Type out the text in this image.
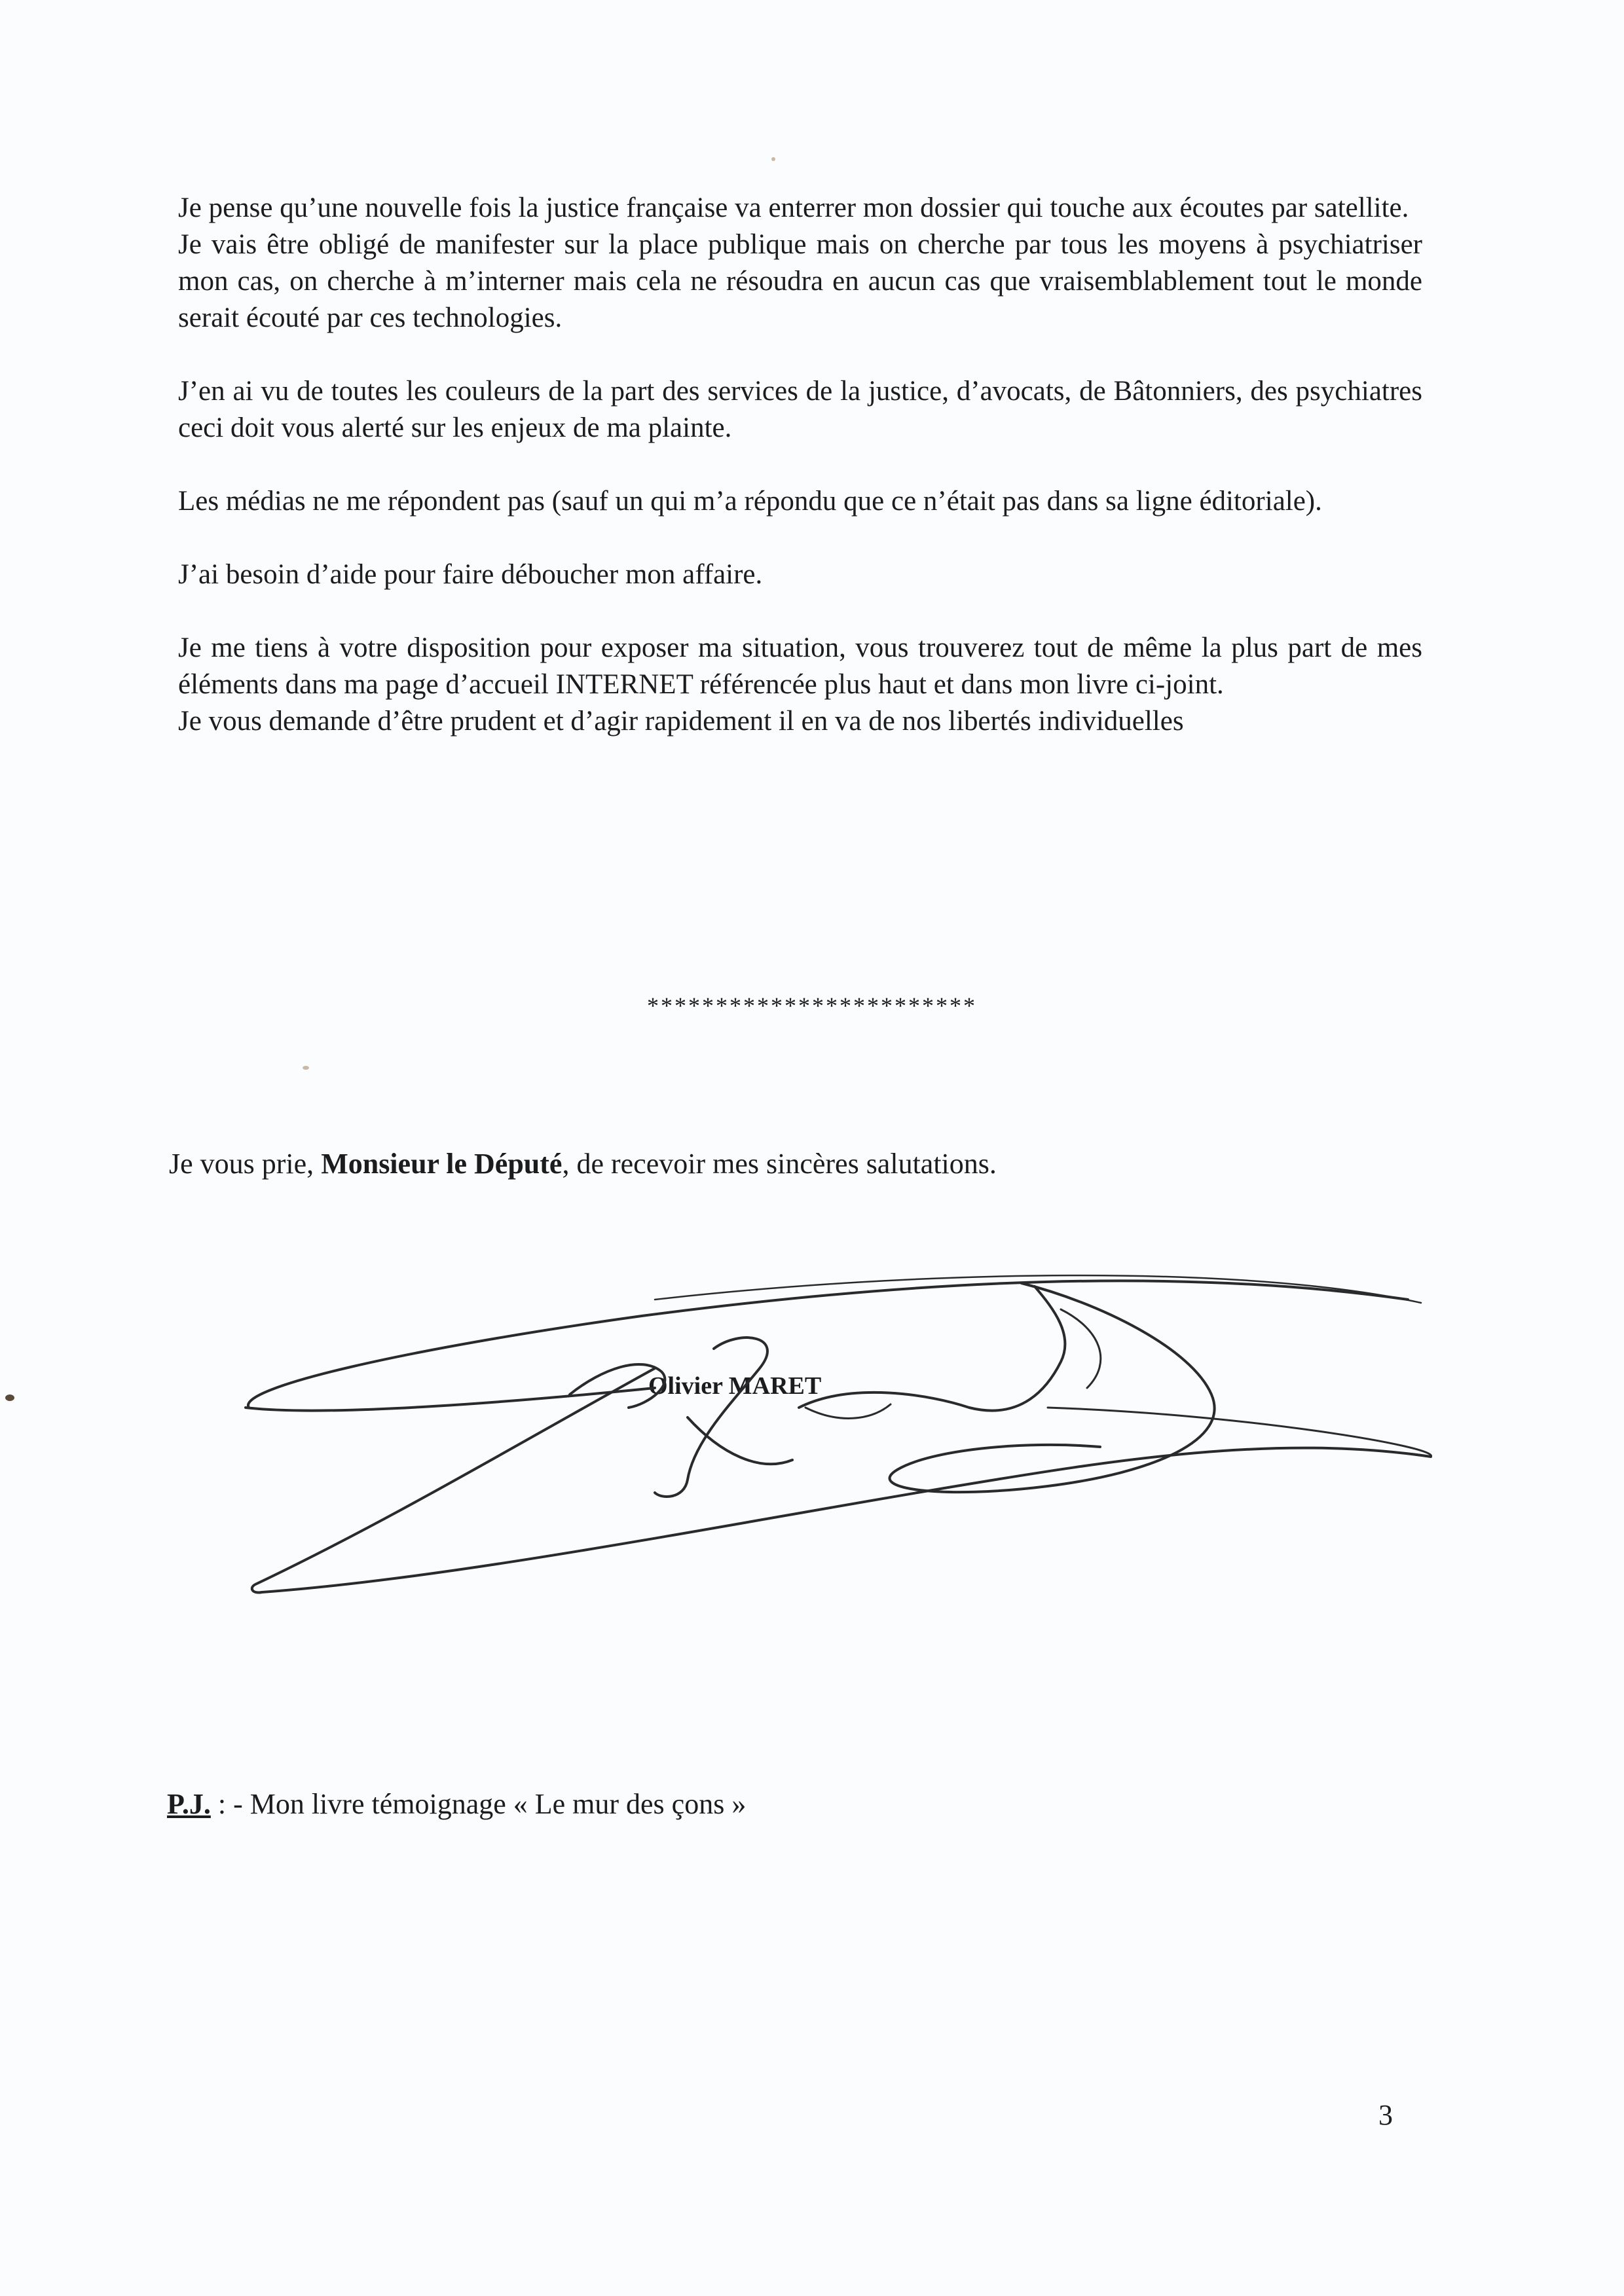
Je pense qu’une nouvelle fois la justice française va enterrer mon dossier qui touche aux écoutes par satellite.

Je vais être obligé de manifester sur la place publique mais on cherche par tous les moyens à psychiatriser mon cas, on cherche à m’interner mais cela ne résoudra en aucun cas que vraisemblablement tout le monde serait écouté par ces technologies.

J’en ai vu de toutes les couleurs de la part des services de la justice, d’avocats, de Bâtonniers, des psychiatres ceci doit vous alerté sur les enjeux de ma plainte.

Les médias ne me répondent pas (sauf un qui m’a répondu que ce n’était pas dans sa ligne éditoriale).

J’ai besoin d’aide pour faire déboucher mon affaire.

Je me tiens à votre disposition pour exposer ma situation, vous trouverez tout de même la plus part de mes éléments dans ma page d’accueil INTERNET référencée plus haut et dans mon livre ci-joint.

Je vous demande d’être prudent et d’agir rapidement il en va de nos libertés individuelles

************************
Je vous prie, Monsieur le Député, de recevoir mes sincères salutations.
Olivier MARET
P.J. : - Mon livre témoignage « Le mur des çons »
3
